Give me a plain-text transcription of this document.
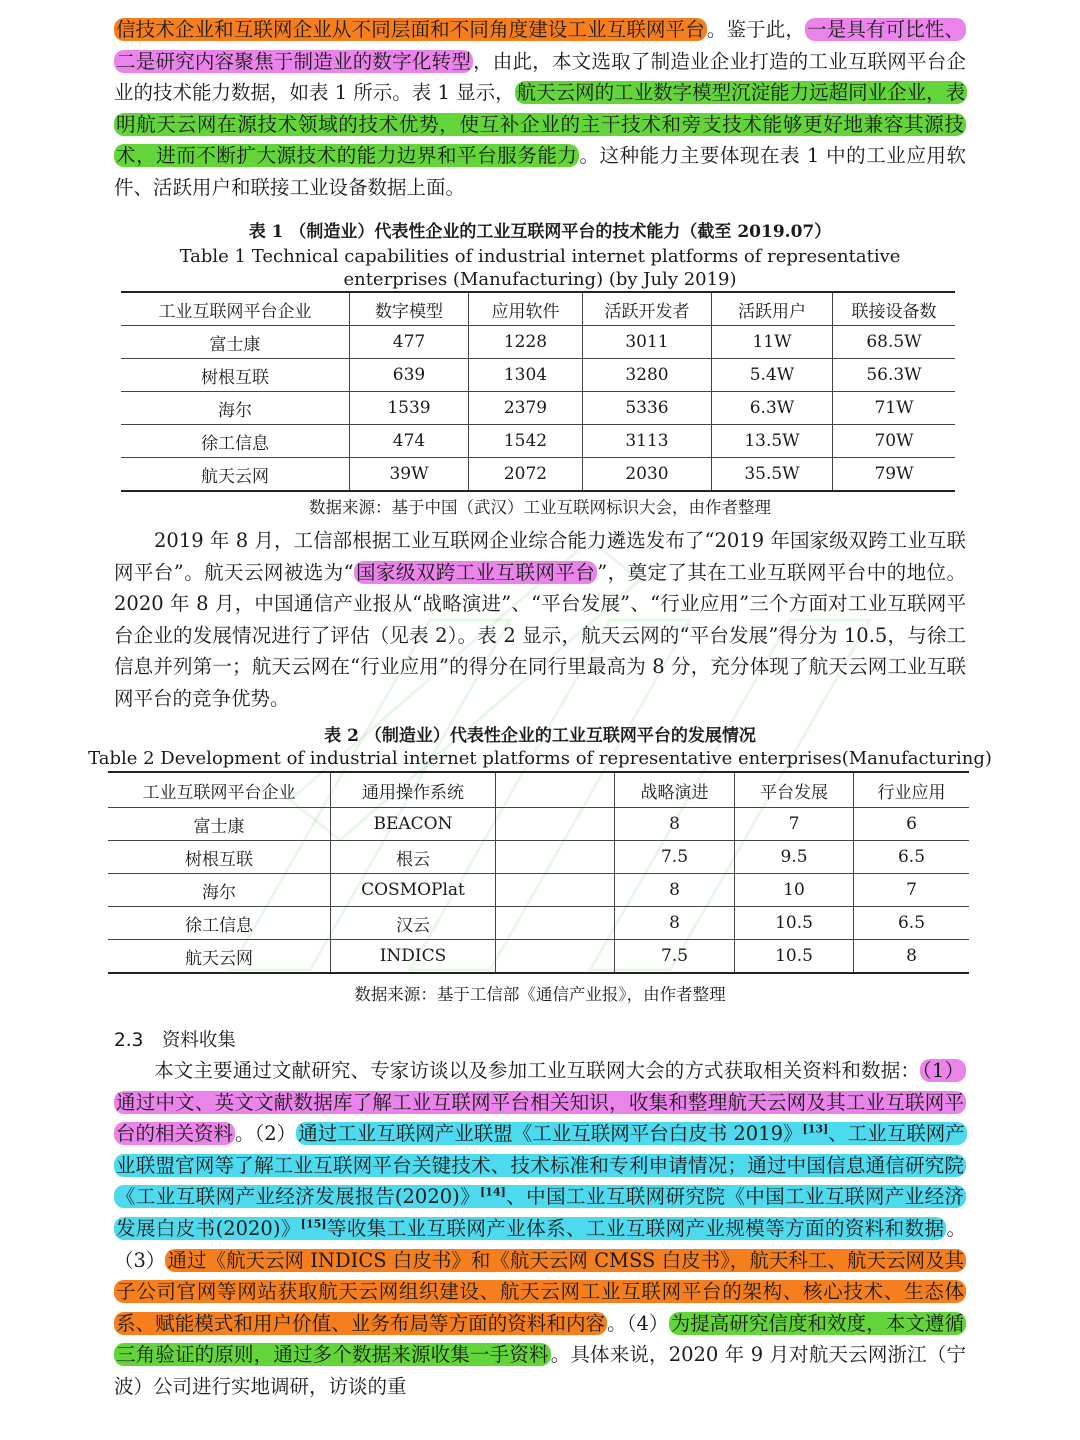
信技术企业和互联网企业从不同层面和不同角度建设工业互联网平台 。鉴于此， 一是具有可比性、二是研究内容聚焦于制造业的数字化转型 ，由此，本文选取了制造业企业打造的工业互联网平台企业的技术能力数据，如表 1 所示。表 1 显示， 航天云网的工业数字模型沉淀能力远超同业企业，表明航天云网在源技术领域的技术优势，使互补企业的主干技术和旁支技术能够更好地兼容其源技术，进而不断扩大源技术的能力边界和平台服务能力 。这种能力主要体现在表 1 中的工业应用软件、活跃用户和联接工业设备数据上面。
表 1 （制造业）代表性企业的工业互联网平台的技术能力（截至 2019.07）
Table 1 Technical capabilities of industrial internet platforms of representative enterprises (Manufacturing) (by July 2019)
工业互联网平台企业	数字模型	应用软件	活跃开发者	活跃用户	联接设备数
富士康	477	1228	3011	11W	68.5W
树根互联	639	1304	3280	5.4W	56.3W
海尔	1539	2379	5336	6.3W	71W
徐工信息	474	1542	3113	13.5W	70W
航天云网	39W	2072	2030	35.5W	79W
数据来源：基于中国（武汉）工业互联网标识大会，由作者整理
2019 年 8 月，工信部根据工业互联网企业综合能力遴选发布了“2019 年国家级双跨工业互联网平台”。航天云网被选为“ 国家级双跨工业互联网平台 ”，奠定了其在工业互联网平台中的地位。2020 年 8 月，中国通信产业报从“战略演进”、“平台发展”、“行业应用”三个方面对工业互联网平台企业的发展情况进行了评估（见表 2）。表 2 显示，航天云网的“平台发展”得分为 10.5，与徐工信息并列第一；航天云网在“行业应用”的得分在同行里最高为 8 分，充分体现了航天云网工业互联网平台的竞争优势。
表 2 （制造业）代表性企业的工业互联网平台的发展情况
Table 2 Development of industrial internet platforms of representative enterprises(Manufacturing)
工业互联网平台企业	通用操作系统		战略演进	平台发展	行业应用
富士康	BEACON		8	7	6
树根互联	根云		7.5	9.5	6.5
海尔	COSMOPlat		8	10	7
徐工信息	汉云		8	10.5	6.5
航天云网	INDICS		7.5	10.5	8
数据来源：基于工信部《通信产业报》，由作者整理
2.3　资料收集
本文主要通过文献研究、专家访谈以及参加工业互联网大会的方式获取相关资料和数据： （1）通过中文、英文文献数据库了解工业互联网平台相关知识，收集和整理航天云网及其工业互联网平台的相关资料 。（2） 通过工业互联网产业联盟《工业互联网平台白皮书 2019》[13]、工业互联网产业联盟官网等了解工业互联网平台关键技术、技术标准和专利申请情况；通过中国信息通信研究院《工业互联网产业经济发展报告(2020)》[14]、中国工业互联网研究院《中国工业互联网产业经济发展白皮书(2020)》[15]等收集工业互联网产业体系、工业互联网产业规模等方面的资料和数据 。（3） 通过《航天云网 INDICS 白皮书》和《航天云网 CMSS 白皮书》，航天科工、航天云网及其子公司官网等网站获取航天云网组织建设、航天云网工业互联网平台的架构、核心技术、生态体系、赋能模式和用户价值、业务布局等方面的资料和内容 。（4） 为提高研究信度和效度，本文遵循三角验证的原则，通过多个数据来源收集一手资料 。具体来说，2020 年 9 月对航天云网浙江（宁波）公司进行实地调研，访谈的重
